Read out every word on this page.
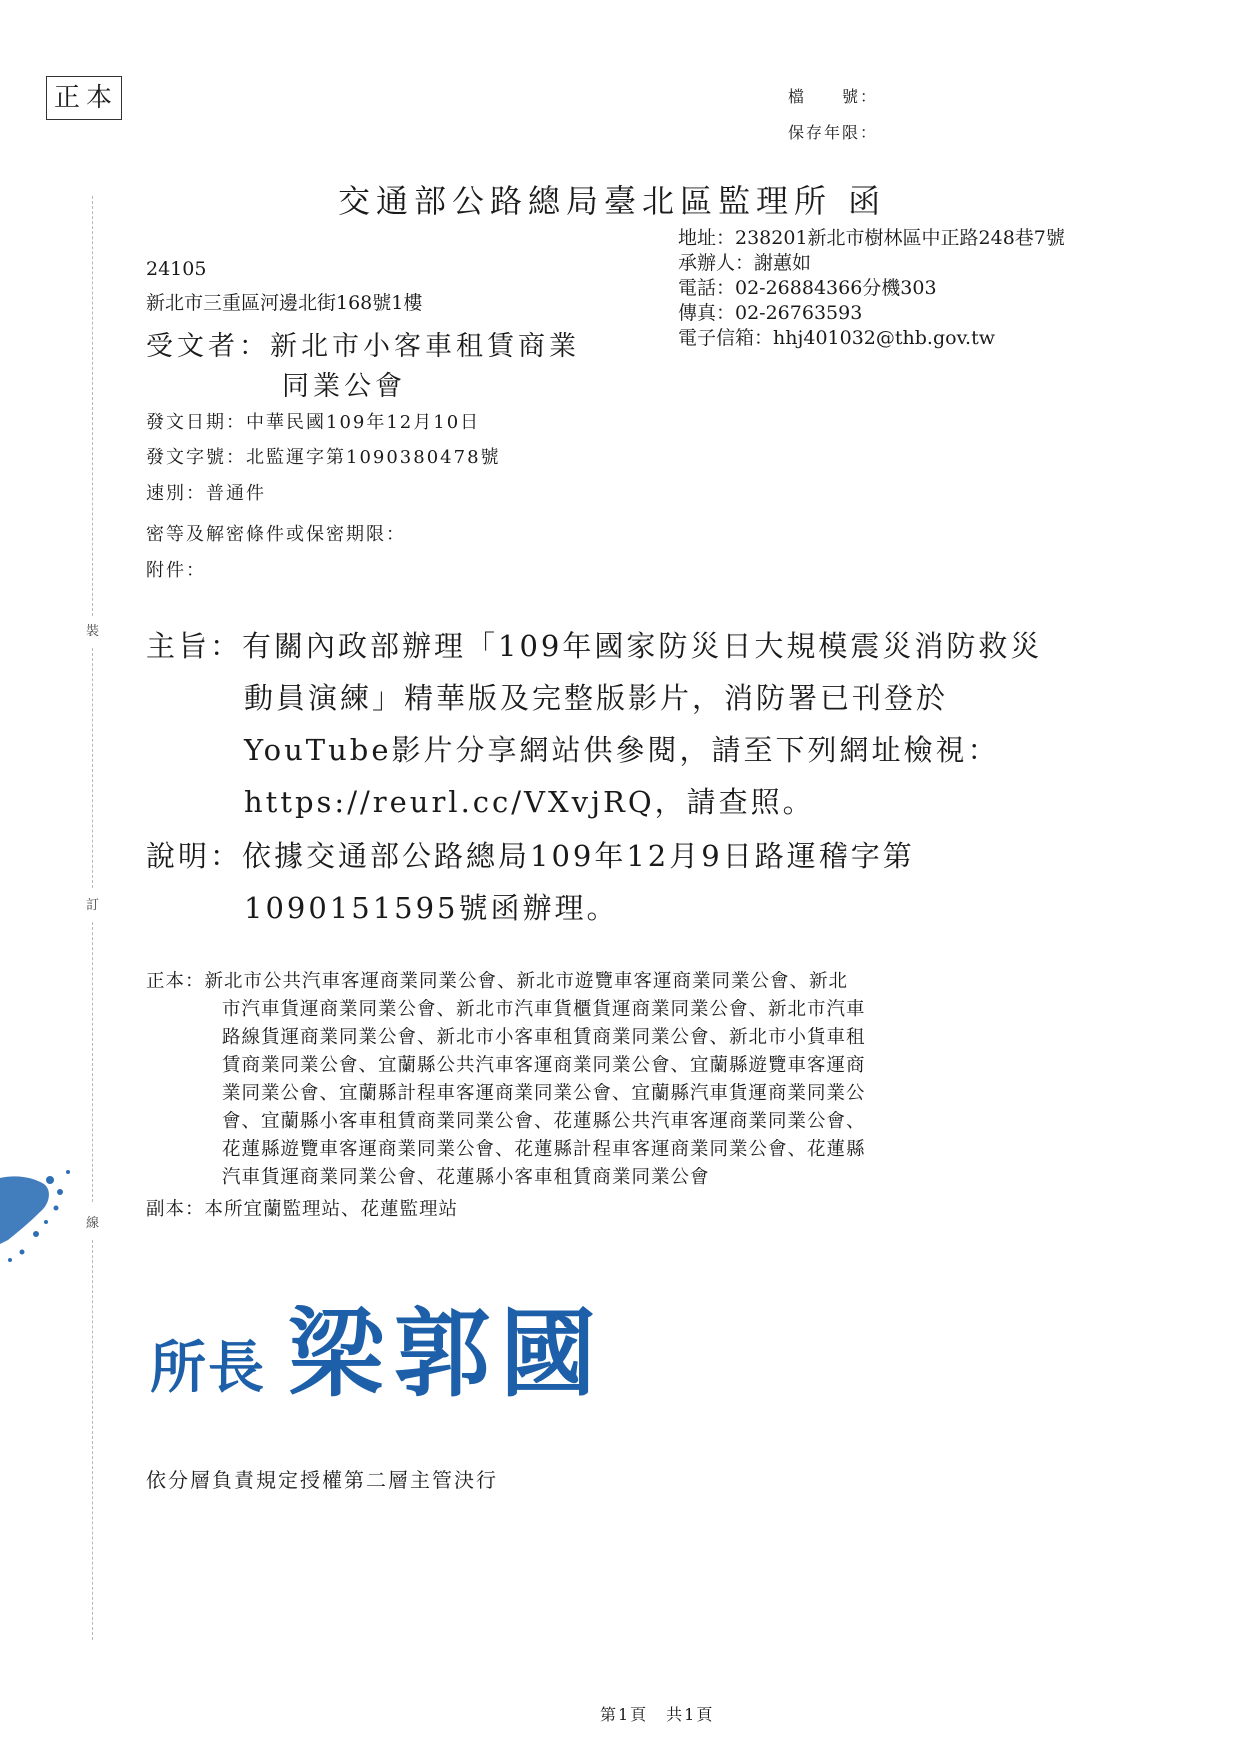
正本	檔　　號：
保存年限：
交通部公路總局臺北區監理所 函
裝
訂
線
24105
新北市三重區河邊北街168號1樓
地址：238201新北市樹林區中正路248巷7號
承辦人：謝蕙如
電話：02-26884366分機303
傳真：02-26763593
電子信箱：hhj401032@thb.gov.tw
受文者：新北市小客車租賃商業
同業公會
發文日期：中華民國109年12月10日
發文字號：北監運字第1090380478號
速別：普通件
密等及解密條件或保密期限：
附件：
主旨：有關內政部辦理「109年國家防災日大規模震災消防救災
動員演練」精華版及完整版影片，消防署已刊登於
YouTube影片分享網站供參閱，請至下列網址檢視：
https://reurl.cc/VXvjRQ，請查照。
說明：依據交通部公路總局109年12月9日路運稽字第
1090151595號函辦理。
正本：新北市公共汽車客運商業同業公會、新北市遊覽車客運商業同業公會、新北
市汽車貨運商業同業公會、新北市汽車貨櫃貨運商業同業公會、新北市汽車
路線貨運商業同業公會、新北市小客車租賃商業同業公會、新北市小貨車租
賃商業同業公會、宜蘭縣公共汽車客運商業同業公會、宜蘭縣遊覽車客運商
業同業公會、宜蘭縣計程車客運商業同業公會、宜蘭縣汽車貨運商業同業公
會、宜蘭縣小客車租賃商業同業公會、花蓮縣公共汽車客運商業同業公會、
花蓮縣遊覽車客運商業同業公會、花蓮縣計程車客運商業同業公會、花蓮縣
汽車貨運商業同業公會、花蓮縣小客車租賃商業同業公會
副本：本所宜蘭監理站、花蓮監理站
所長 梁郭國
依分層負責規定授權第二層主管決行
第1頁　共1頁
